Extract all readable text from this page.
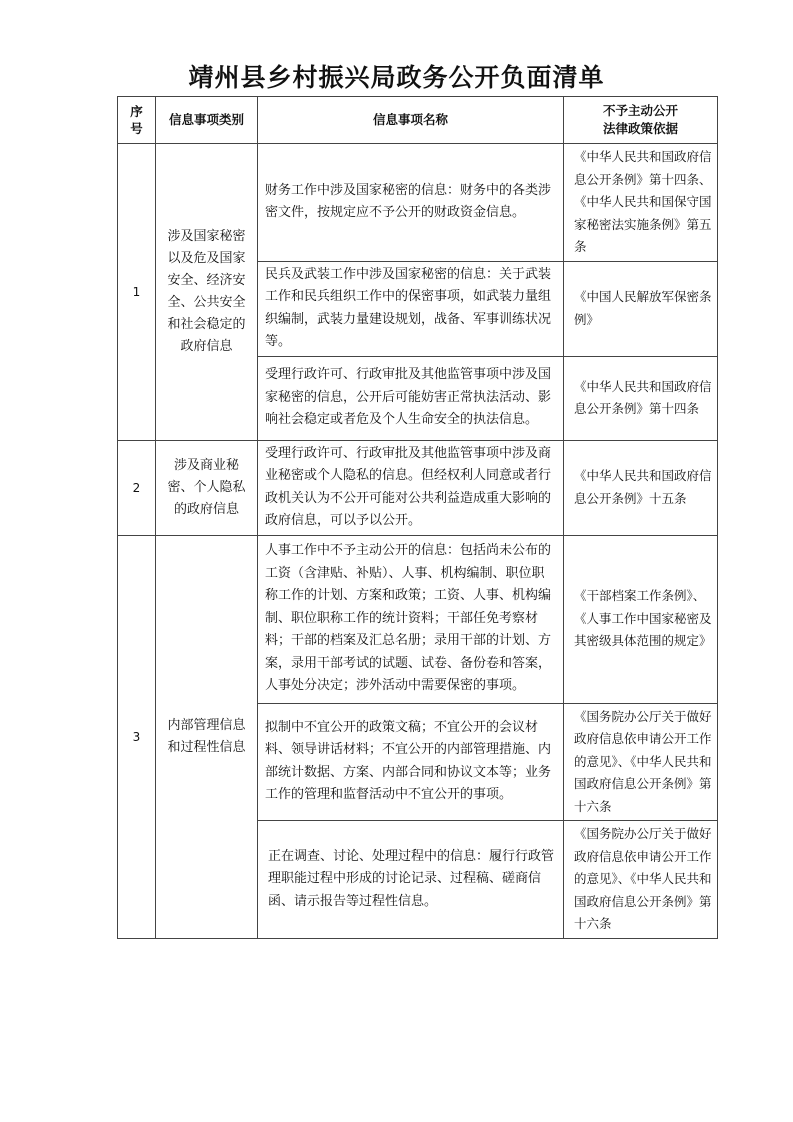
靖州县乡村振兴局政务公开负面清单
序号	信息事项类别	信息事项名称	不予主动公开
法律政策依据

1	涉及国家秘密以及危及国家安全、经济安全、公共安全和社会稳定的政府信息	财务工作中涉及国家秘密的信息：财务中的各类涉密文件，按规定应不予公开的财政资金信息。	《中华人民共和国政府信息公开条例》第十四条、《中华人民共和国保守国家秘密法实施条例》第五条
		民兵及武装工作中涉及国家秘密的信息：关于武装工作和民兵组织工作中的保密事项，如武装力量组织编制，武装力量建设规划，战备、军事训练状况等。	《中国人民解放军保密条例》
		受理行政许可、行政审批及其他监管事项中涉及国家秘密的信息，公开后可能妨害正常执法活动、影响社会稳定或者危及个人生命安全的执法信息。	《中华人民共和国政府信息公开条例》第十四条
2	涉及商业秘密、个人隐私的政府信息	受理行政许可、行政审批及其他监管事项中涉及商业秘密或个人隐私的信息。但经权利人同意或者行政机关认为不公开可能对公共利益造成重大影响的政府信息，可以予以公开。	《中华人民共和国政府信息公开条例》十五条
3	内部管理信息和过程性信息	人事工作中不予主动公开的信息：包括尚未公布的工资（含津贴、补贴）、人事、机构编制、职位职称工作的计划、方案和政策；工资、人事、机构编制、职位职称工作的统计资料；干部任免考察材料；干部的档案及汇总名册；录用干部的计划、方案，录用干部考试的试题、试卷、备份卷和答案，人事处分决定；涉外活动中需要保密的事项。	《干部档案工作条例》、《人事工作中国家秘密及其密级具体范围的规定》
		拟制中不宜公开的政策文稿；不宜公开的会议材料、领导讲话材料；不宜公开的内部管理措施、内部统计数据、方案、内部合同和协议文本等；业务工作的管理和监督活动中不宜公开的事项。	《国务院办公厅关于做好政府信息依申请公开工作的意见》、《中华人民共和国政府信息公开条例》第十六条
		正在调查、讨论、处理过程中的信息：履行行政管理职能过程中形成的讨论记录、过程稿、磋商信函、请示报告等过程性信息。	《国务院办公厅关于做好政府信息依申请公开工作的意见》、《中华人民共和国政府信息公开条例》第十六条
